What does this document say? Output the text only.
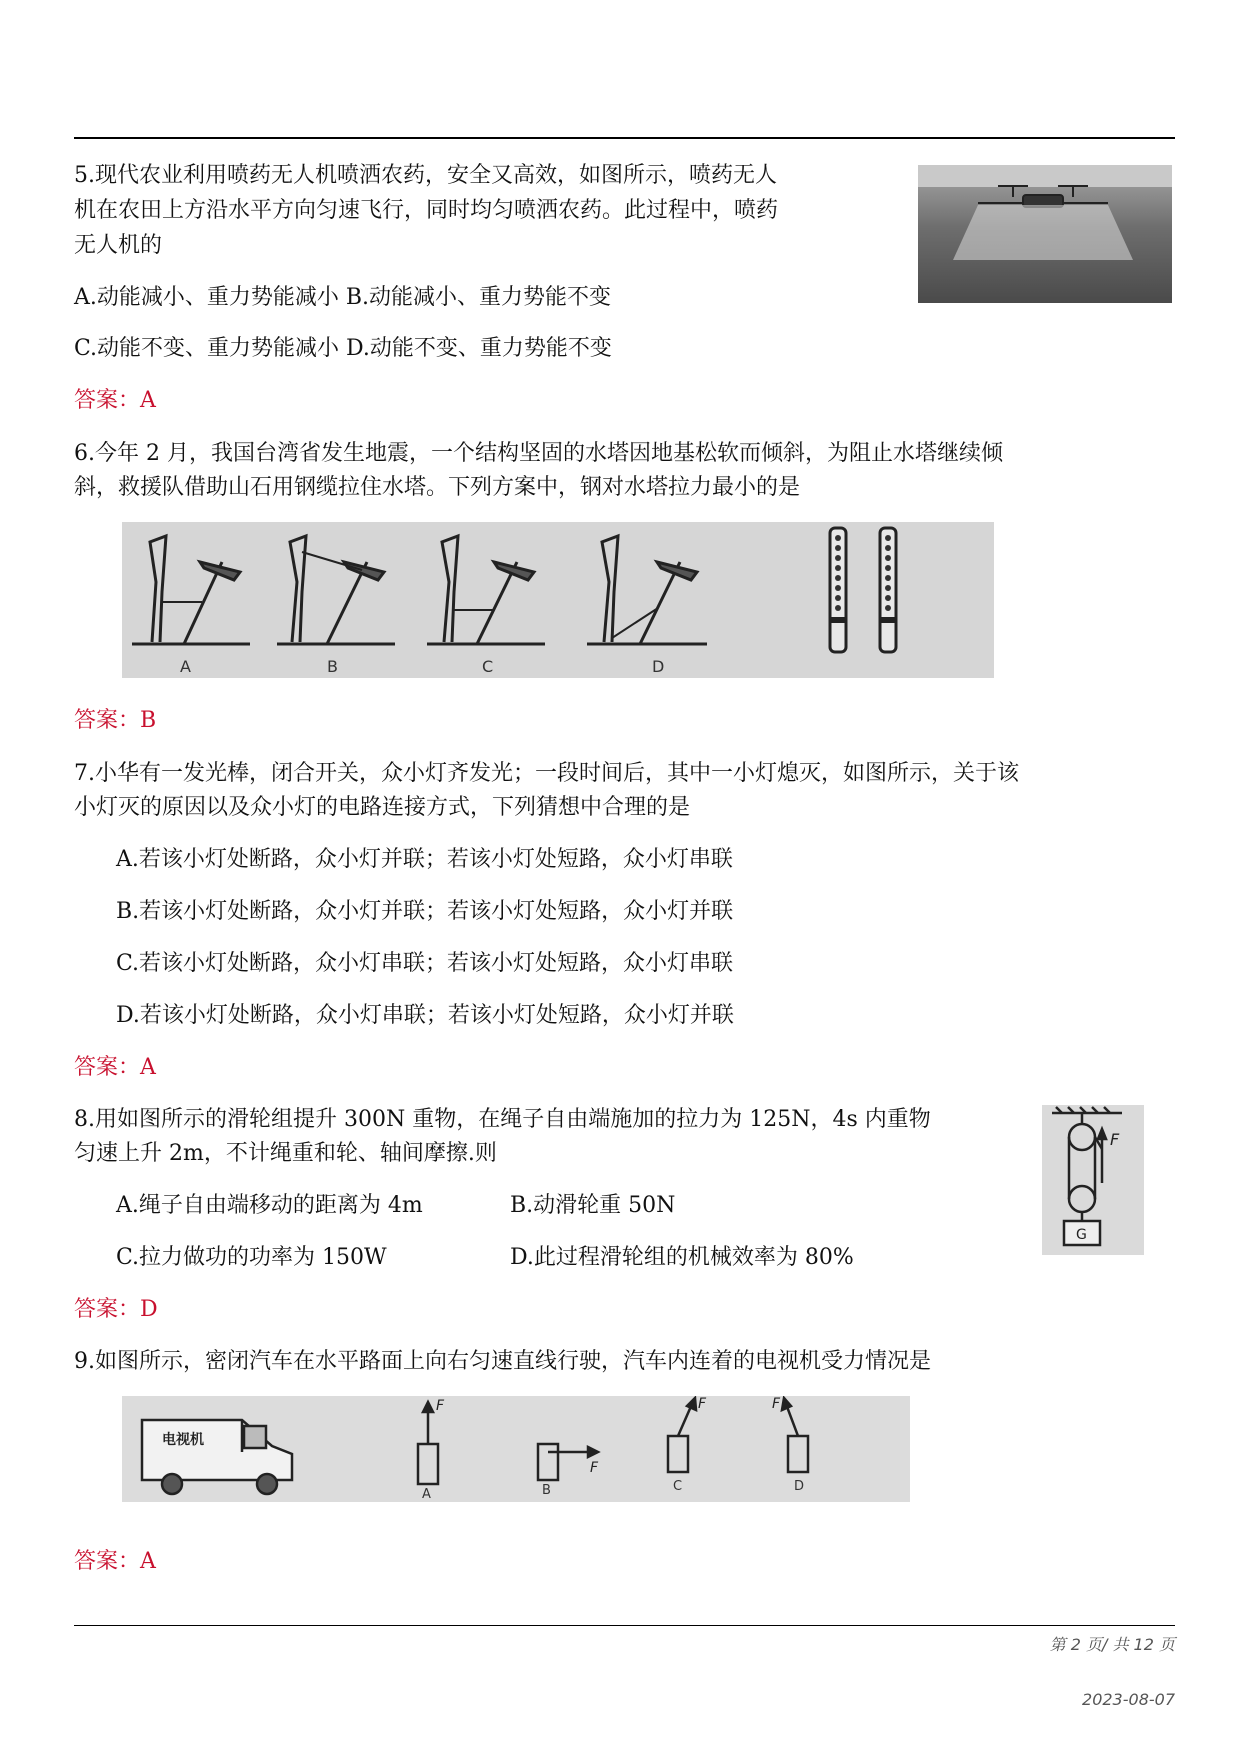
5.现代农业利用喷药无人机喷洒农药，安全又高效，如图所示，喷药无人
机在农田上方沿水平方向匀速飞行，同时均匀喷洒农药。此过程中，喷药
无人机的
A.动能减小、重力势能减小 B.动能减小、重力势能不变
C.动能不变、重力势能减小 D.动能不变、重力势能不变
答案：A
6.今年 2 月，我国台湾省发生地震，一个结构坚固的水塔因地基松软而倾斜，为阻止水塔继续倾
斜，救援队借助山石用钢缆拉住水塔。下列方案中，钢对水塔拉力最小的是
A	B	C	D
答案：B
7.小华有一发光棒，闭合开关，众小灯齐发光；一段时间后，其中一小灯熄灭，如图所示，关于该
小灯灭的原因以及众小灯的电路连接方式，下列猜想中合理的是
A.若该小灯处断路，众小灯并联；若该小灯处短路，众小灯串联
B.若该小灯处断路，众小灯并联；若该小灯处短路，众小灯并联
C.若该小灯处断路，众小灯串联；若该小灯处短路，众小灯串联
D.若该小灯处断路，众小灯串联；若该小灯处短路，众小灯并联
答案：A
8.用如图所示的滑轮组提升 300N 重物，在绳子自由端施加的拉力为 125N，4s 内重物
匀速上升 2m，不计绳重和轮、轴间摩擦.则
A.绳子自由端移动的距离为 4m	B.动滑轮重 50N
C.拉力做功的功率为 150W	D.此过程滑轮组的机械效率为 80%
答案：D
F
G
9.如图所示，密闭汽车在水平路面上向右匀速直线行驶，汽车内连着的电视机受力情况是
电视机
F
F
F	F
A	B	C	D
答案：A
第 2 页/ 共 12 页
2023-08-07
